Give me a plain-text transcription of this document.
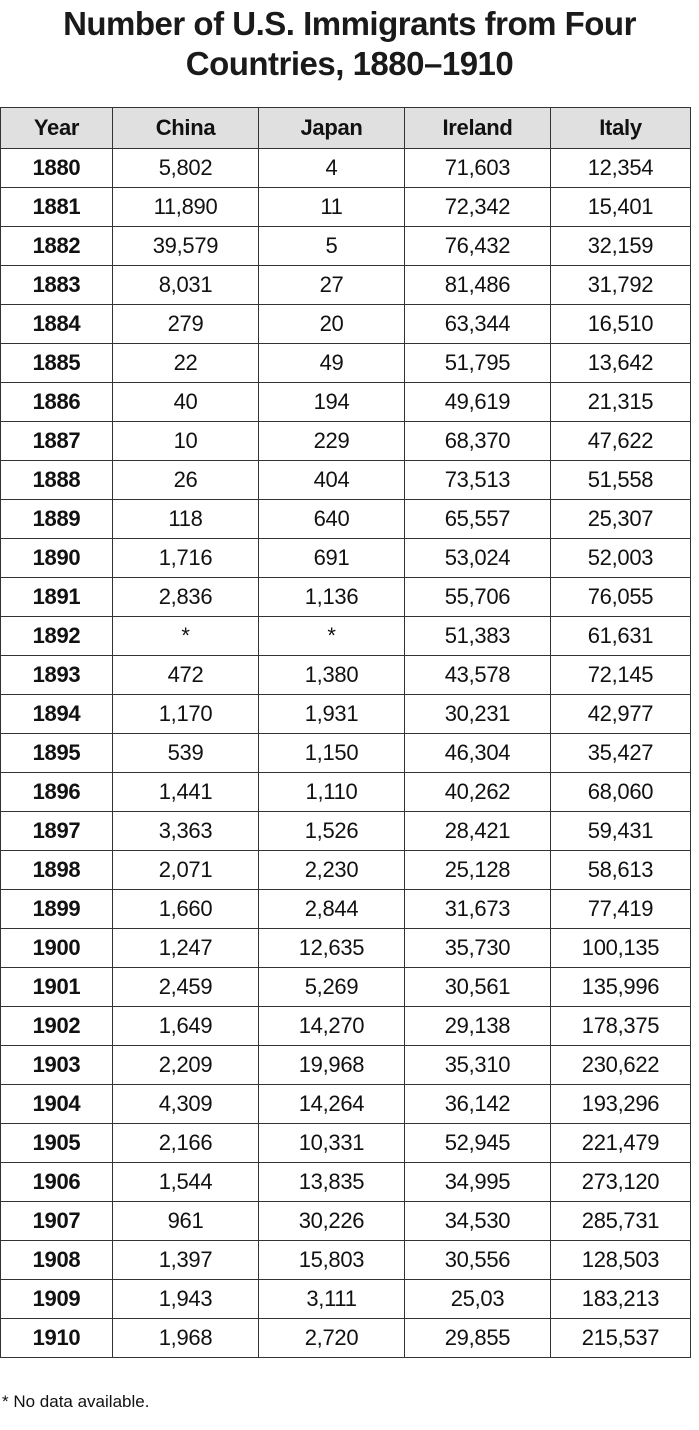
Number of U.S. Immigrants from Four
Countries, 1880–1910
Year	China	Japan	Ireland	Italy
1880	5,802	4	71,603	12,354
1881	11,890	11	72,342	15,401
1882	39,579	5	76,432	32,159
1883	8,031	27	81,486	31,792
1884	279	20	63,344	16,510
1885	22	49	51,795	13,642
1886	40	194	49,619	21,315
1887	10	229	68,370	47,622
1888	26	404	73,513	51,558
1889	118	640	65,557	25,307
1890	1,716	691	53,024	52,003
1891	2,836	1,136	55,706	76,055
1892	*	*	51,383	61,631
1893	472	1,380	43,578	72,145
1894	1,170	1,931	30,231	42,977
1895	539	1,150	46,304	35,427
1896	1,441	1,110	40,262	68,060
1897	3,363	1,526	28,421	59,431
1898	2,071	2,230	25,128	58,613
1899	1,660	2,844	31,673	77,419
1900	1,247	12,635	35,730	100,135
1901	2,459	5,269	30,561	135,996
1902	1,649	14,270	29,138	178,375
1903	2,209	19,968	35,310	230,622
1904	4,309	14,264	36,142	193,296
1905	2,166	10,331	52,945	221,479
1906	1,544	13,835	34,995	273,120
1907	961	30,226	34,530	285,731
1908	1,397	15,803	30,556	128,503
1909	1,943	3,111	25,03	183,213
1910	1,968	2,720	29,855	215,537
* No data available.
